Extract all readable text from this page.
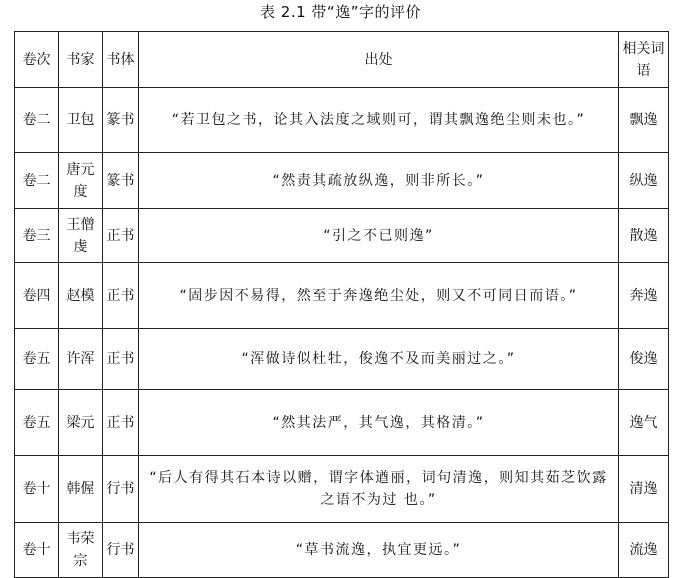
表 2.1 带“逸”字的评价
卷次	书家	书体	出处	相关词语
卷二	卫包	篆书	“若卫包之书，论其入法度之域则可，谓其飘逸绝尘则未也。”	飘逸
卷二	唐元度	篆书	“然责其疏放纵逸，则非所长。”	纵逸
卷三	王僧虔	正书	“引之不已则逸”	散逸
卷四	赵模	正书	“固步因不易得，然至于奔逸绝尘处，则又不可同日而语。”	奔逸
卷五	许浑	正书	“浑做诗似杜牡，俊逸不及而美丽过之。”	俊逸
卷五	梁元	正书	“然其法严，其气逸，其格清。”	逸气
卷十	韩偓	行书	“后人有得其石本诗以赠，谓字体遒丽，词句清逸，则知其茹芝饮露之语不为过 也。”	清逸
卷十	韦荣宗	行书	“草书流逸，执宜更远。”	流逸
